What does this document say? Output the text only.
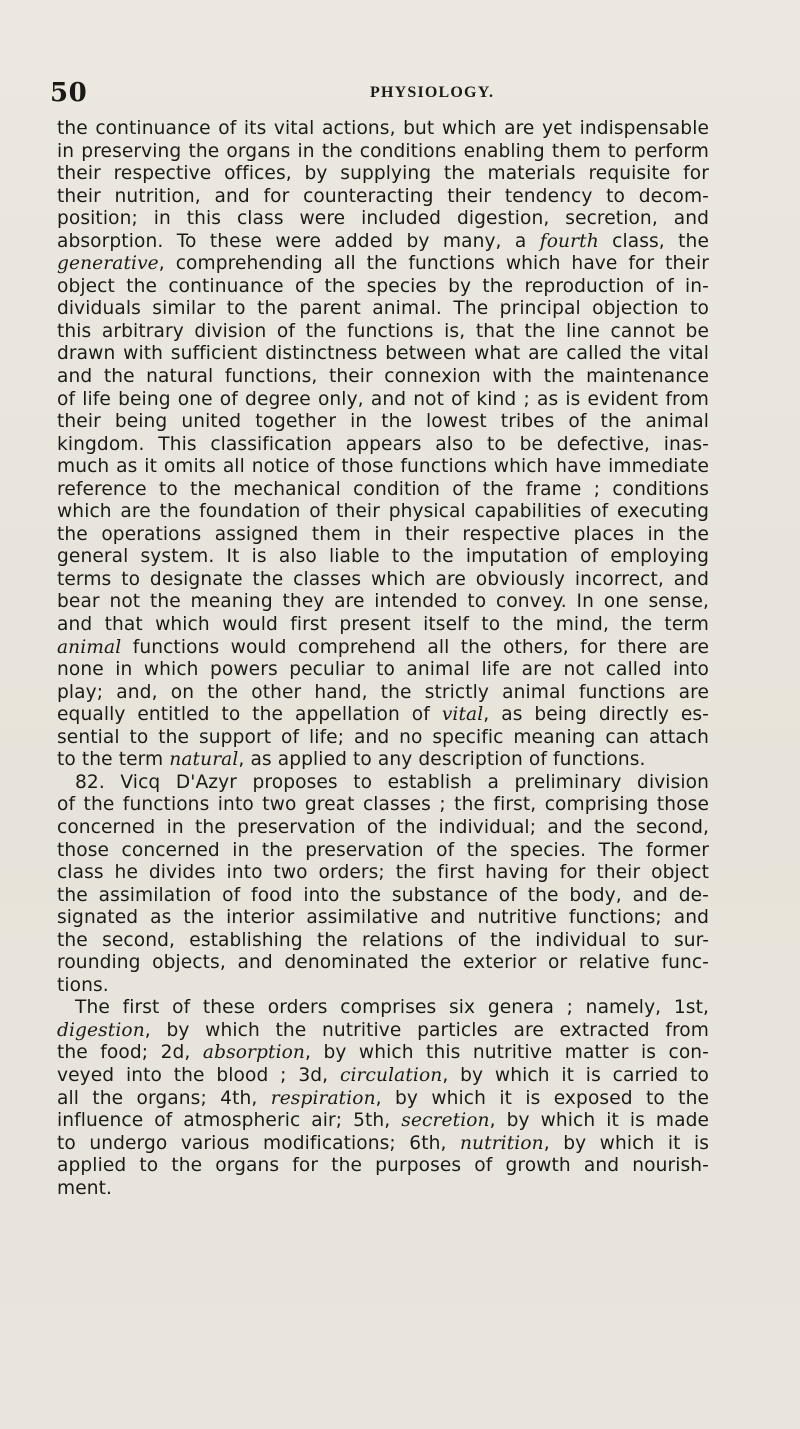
50	PHYSIOLOGY.

the continuance of its vital actions, but which are yet indispensable
in preserving the organs in the conditions enabling them to perform
their respective offices, by supplying the materials requisite for
their nutrition, and for counteracting their tendency to decom-
position; in this class were included digestion, secretion, and
absorption. To these were added by many, a fourth class, the
generative, comprehending all the functions which have for their
object the continuance of the species by the reproduction of in-
dividuals similar to the parent animal. The principal objection to
this arbitrary division of the functions is, that the line cannot be
drawn with sufficient distinctness between what are called the vital
and the natural functions, their connexion with the maintenance
of life being one of degree only, and not of kind ; as is evident from
their being united together in the lowest tribes of the animal
kingdom. This classification appears also to be defective, inas-
much as it omits all notice of those functions which have immediate
reference to the mechanical condition of the frame ; conditions
which are the foundation of their physical capabilities of executing
the operations assigned them in their respective places in the
general system. It is also liable to the imputation of employing
terms to designate the classes which are obviously incorrect, and
bear not the meaning they are intended to convey. In one sense,
and that which would first present itself to the mind, the term
animal functions would comprehend all the others, for there are
none in which powers peculiar to animal life are not called into
play; and, on the other hand, the strictly animal functions are
equally entitled to the appellation of vital, as being directly es-
sential to the support of life; and no specific meaning can attach
to the term natural, as applied to any description of functions.

82. Vicq D'Azyr proposes to establish a preliminary division
of the functions into two great classes ; the first, comprising those
concerned in the preservation of the individual; and the second,
those concerned in the preservation of the species. The former
class he divides into two orders; the first having for their object
the assimilation of food into the substance of the body, and de-
signated as the interior assimilative and nutritive functions; and
the second, establishing the relations of the individual to sur-
rounding objects, and denominated the exterior or relative func-
tions.

The first of these orders comprises six genera ; namely, 1st,
digestion, by which the nutritive particles are extracted from
the food; 2d, absorption, by which this nutritive matter is con-
veyed into the blood ; 3d, circulation, by which it is carried to
all the organs; 4th, respiration, by which it is exposed to the
influence of atmospheric air; 5th, secretion, by which it is made
to undergo various modifications; 6th, nutrition, by which it is
applied to the organs for the purposes of growth and nourish-
ment.
